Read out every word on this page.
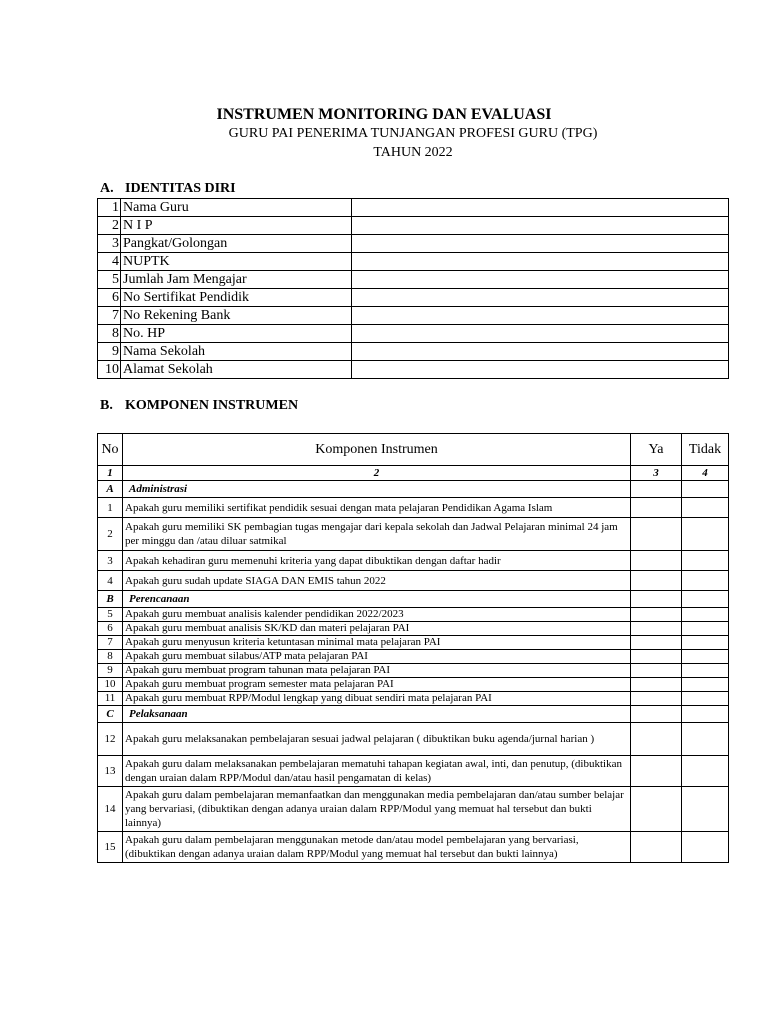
INSTRUMEN MONITORING DAN EVALUASI
GURU PAI PENERIMA TUNJANGAN PROFESI GURU (TPG)
TAHUN 2022
A. IDENTITAS DIRI
1	Nama Guru	
2	N I P	
3	Pangkat/Golongan	
4	NUPTK	
5	Jumlah Jam Mengajar	
6	No Sertifikat Pendidik	
7	No Rekening Bank	
8	No. HP	
9	Nama Sekolah	
10	Alamat Sekolah	
B. KOMPONEN INSTRUMEN
No	Komponen Instrumen	Ya	Tidak
1	2	3	4
A	Administrasi		
1	Apakah guru memiliki sertifikat pendidik sesuai dengan mata pelajaran Pendidikan Agama Islam		
2	Apakah guru memiliki SK pembagian tugas mengajar dari kepala sekolah dan Jadwal Pelajaran minimal 24 jam per minggu dan /atau diluar satmikal		
3	Apakah kehadiran guru memenuhi kriteria yang dapat dibuktikan dengan daftar hadir		
4	Apakah guru sudah update SIAGA DAN EMIS tahun 2022		
B	Perencanaan		
5	Apakah guru membuat analisis kalender pendidikan 2022/2023		
6	Apakah guru membuat analisis SK/KD dan materi pelajaran PAI		
7	Apakah guru menyusun kriteria ketuntasan minimal mata pelajaran PAI		
8	Apakah guru membuat silabus/ATP mata pelajaran PAI		
9	Apakah guru membuat program tahunan mata pelajaran PAI		
10	Apakah guru membuat program semester mata pelajaran PAI		
11	Apakah guru membuat RPP/Modul lengkap yang dibuat sendiri mata pelajaran PAI		
C	Pelaksanaan		
12	Apakah guru melaksanakan pembelajaran sesuai jadwal pelajaran ( dibuktikan buku agenda/jurnal harian )		
13	Apakah guru dalam melaksanakan pembelajaran mematuhi tahapan kegiatan awal, inti, dan penutup, (dibuktikan dengan uraian dalam RPP/Modul dan/atau hasil pengamatan di kelas)		
14	Apakah guru dalam pembelajaran memanfaatkan dan menggunakan media pembelajaran dan/atau sumber belajar yang bervariasi, (dibuktikan dengan adanya uraian dalam RPP/Modul yang memuat hal tersebut dan bukti lainnya)		
15	Apakah guru dalam pembelajaran menggunakan metode dan/atau model pembelajaran yang bervariasi, (dibuktikan dengan adanya uraian dalam RPP/Modul yang memuat hal tersebut dan bukti lainnya)		
